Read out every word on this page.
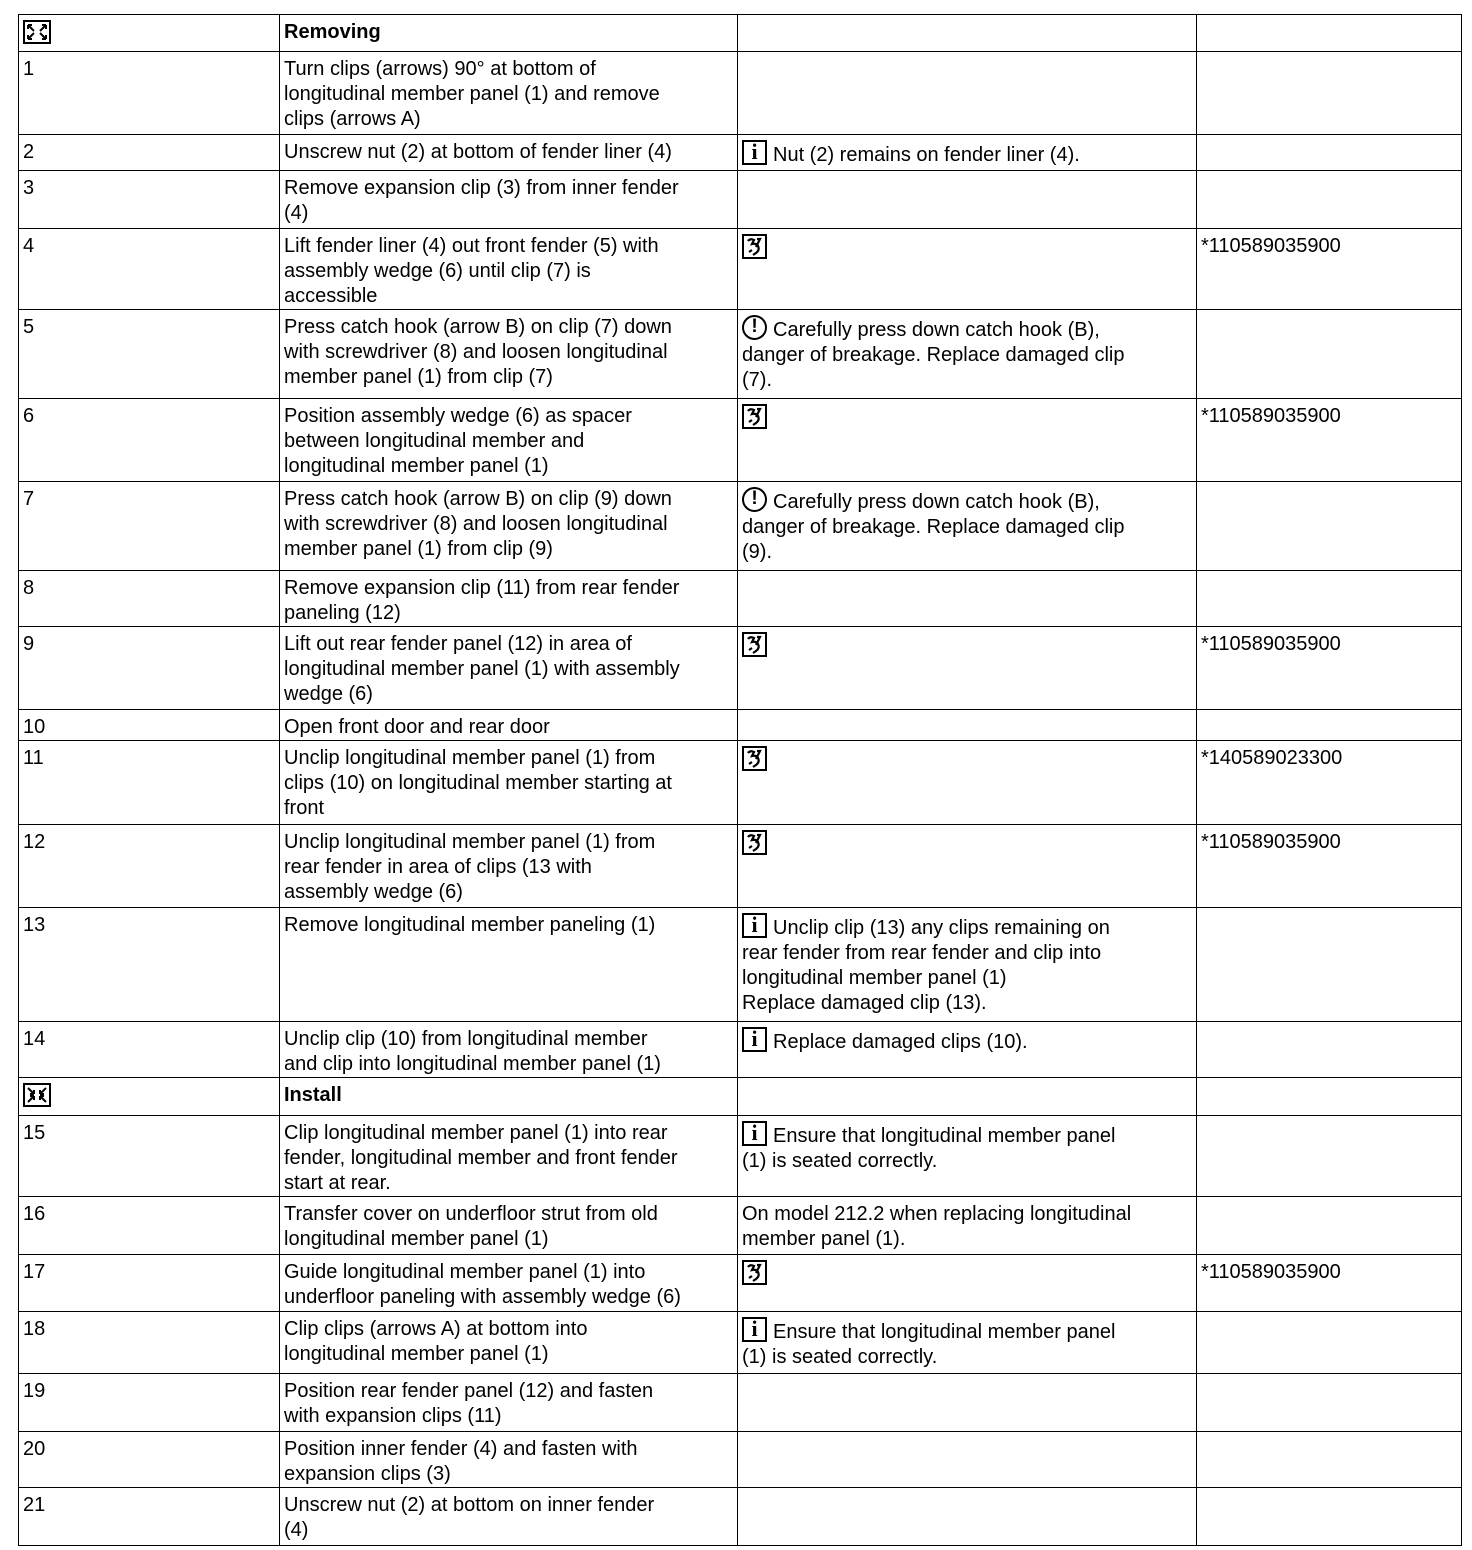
	Removing		
1	Turn clips (arrows) 90° at bottom of
longitudinal member panel (1) and remove
clips (arrows A)		
2	Unscrew nut (2) at bottom of fender liner (4)	iNut (2) remains on fender liner (4).	
3	Remove expansion clip (3) from inner fender
(4)		
4	Lift fender liner (4) out front fender (5) with
assembly wedge (6) until clip (7) is
accessible		*110589035900
5	Press catch hook (arrow B) on clip (7) down
with screwdriver (8) and loosen longitudinal
member panel (1) from clip (7)	!Carefully press down catch hook (B),
danger of breakage. Replace damaged clip
(7).	
6	Position assembly wedge (6) as spacer
between longitudinal member and
longitudinal member panel (1)		*110589035900
7	Press catch hook (arrow B) on clip (9) down
with screwdriver (8) and loosen longitudinal
member panel (1) from clip (9)	!Carefully press down catch hook (B),
danger of breakage. Replace damaged clip
(9).	
8	Remove expansion clip (11) from rear fender
paneling (12)		
9	Lift out rear fender panel (12) in area of
longitudinal member panel (1) with assembly
wedge (6)		*110589035900
10	Open front door and rear door		
11	Unclip longitudinal member panel (1) from
clips (10) on longitudinal member starting at
front		*140589023300
12	Unclip longitudinal member panel (1) from
rear fender in area of clips (13 with
assembly wedge (6)		*110589035900
13	Remove longitudinal member paneling (1)	iUnclip clip (13) any clips remaining on
rear fender from rear fender and clip into
longitudinal member panel (1)
Replace damaged clip (13).	
14	Unclip clip (10) from longitudinal member
and clip into longitudinal member panel (1)	iReplace damaged clips (10).	

	Install		
15	Clip longitudinal member panel (1) into rear
fender, longitudinal member and front fender
start at rear.	iEnsure that longitudinal member panel
(1) is seated correctly.	
16	Transfer cover on underfloor strut from old
longitudinal member panel (1)	On model 212.2 when replacing longitudinal
member panel (1).	
17	Guide longitudinal member panel (1) into
underfloor paneling with assembly wedge (6)		*110589035900
18	Clip clips (arrows A) at bottom into
longitudinal member panel (1)	iEnsure that longitudinal member panel
(1) is seated correctly.	
19	Position rear fender panel (12) and fasten
with expansion clips (11)		
20	Position inner fender (4) and fasten with
expansion clips (3)		
21	Unscrew nut (2) at bottom on inner fender
(4)		
